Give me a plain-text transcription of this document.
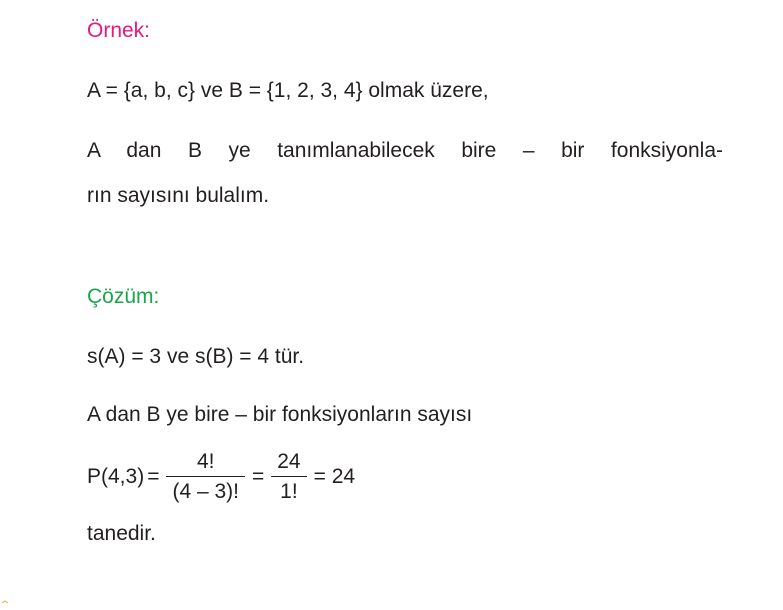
Örnek:
A = {a, b, c} ve B = {1, 2, 3, 4} olmak üzere,
A dan B ye tanımlanabilecek bire – bir fonksiyonla-
rın sayısını bulalım.
Çözüm:
s(A) = 3 ve s(B) = 4 tür.
A dan B ye bire – bir fonksiyonların sayısı
$P(4,3) = \frac{4!}{(4 - 3)!} = \frac{24}{1!} = 24$
tanedir.
